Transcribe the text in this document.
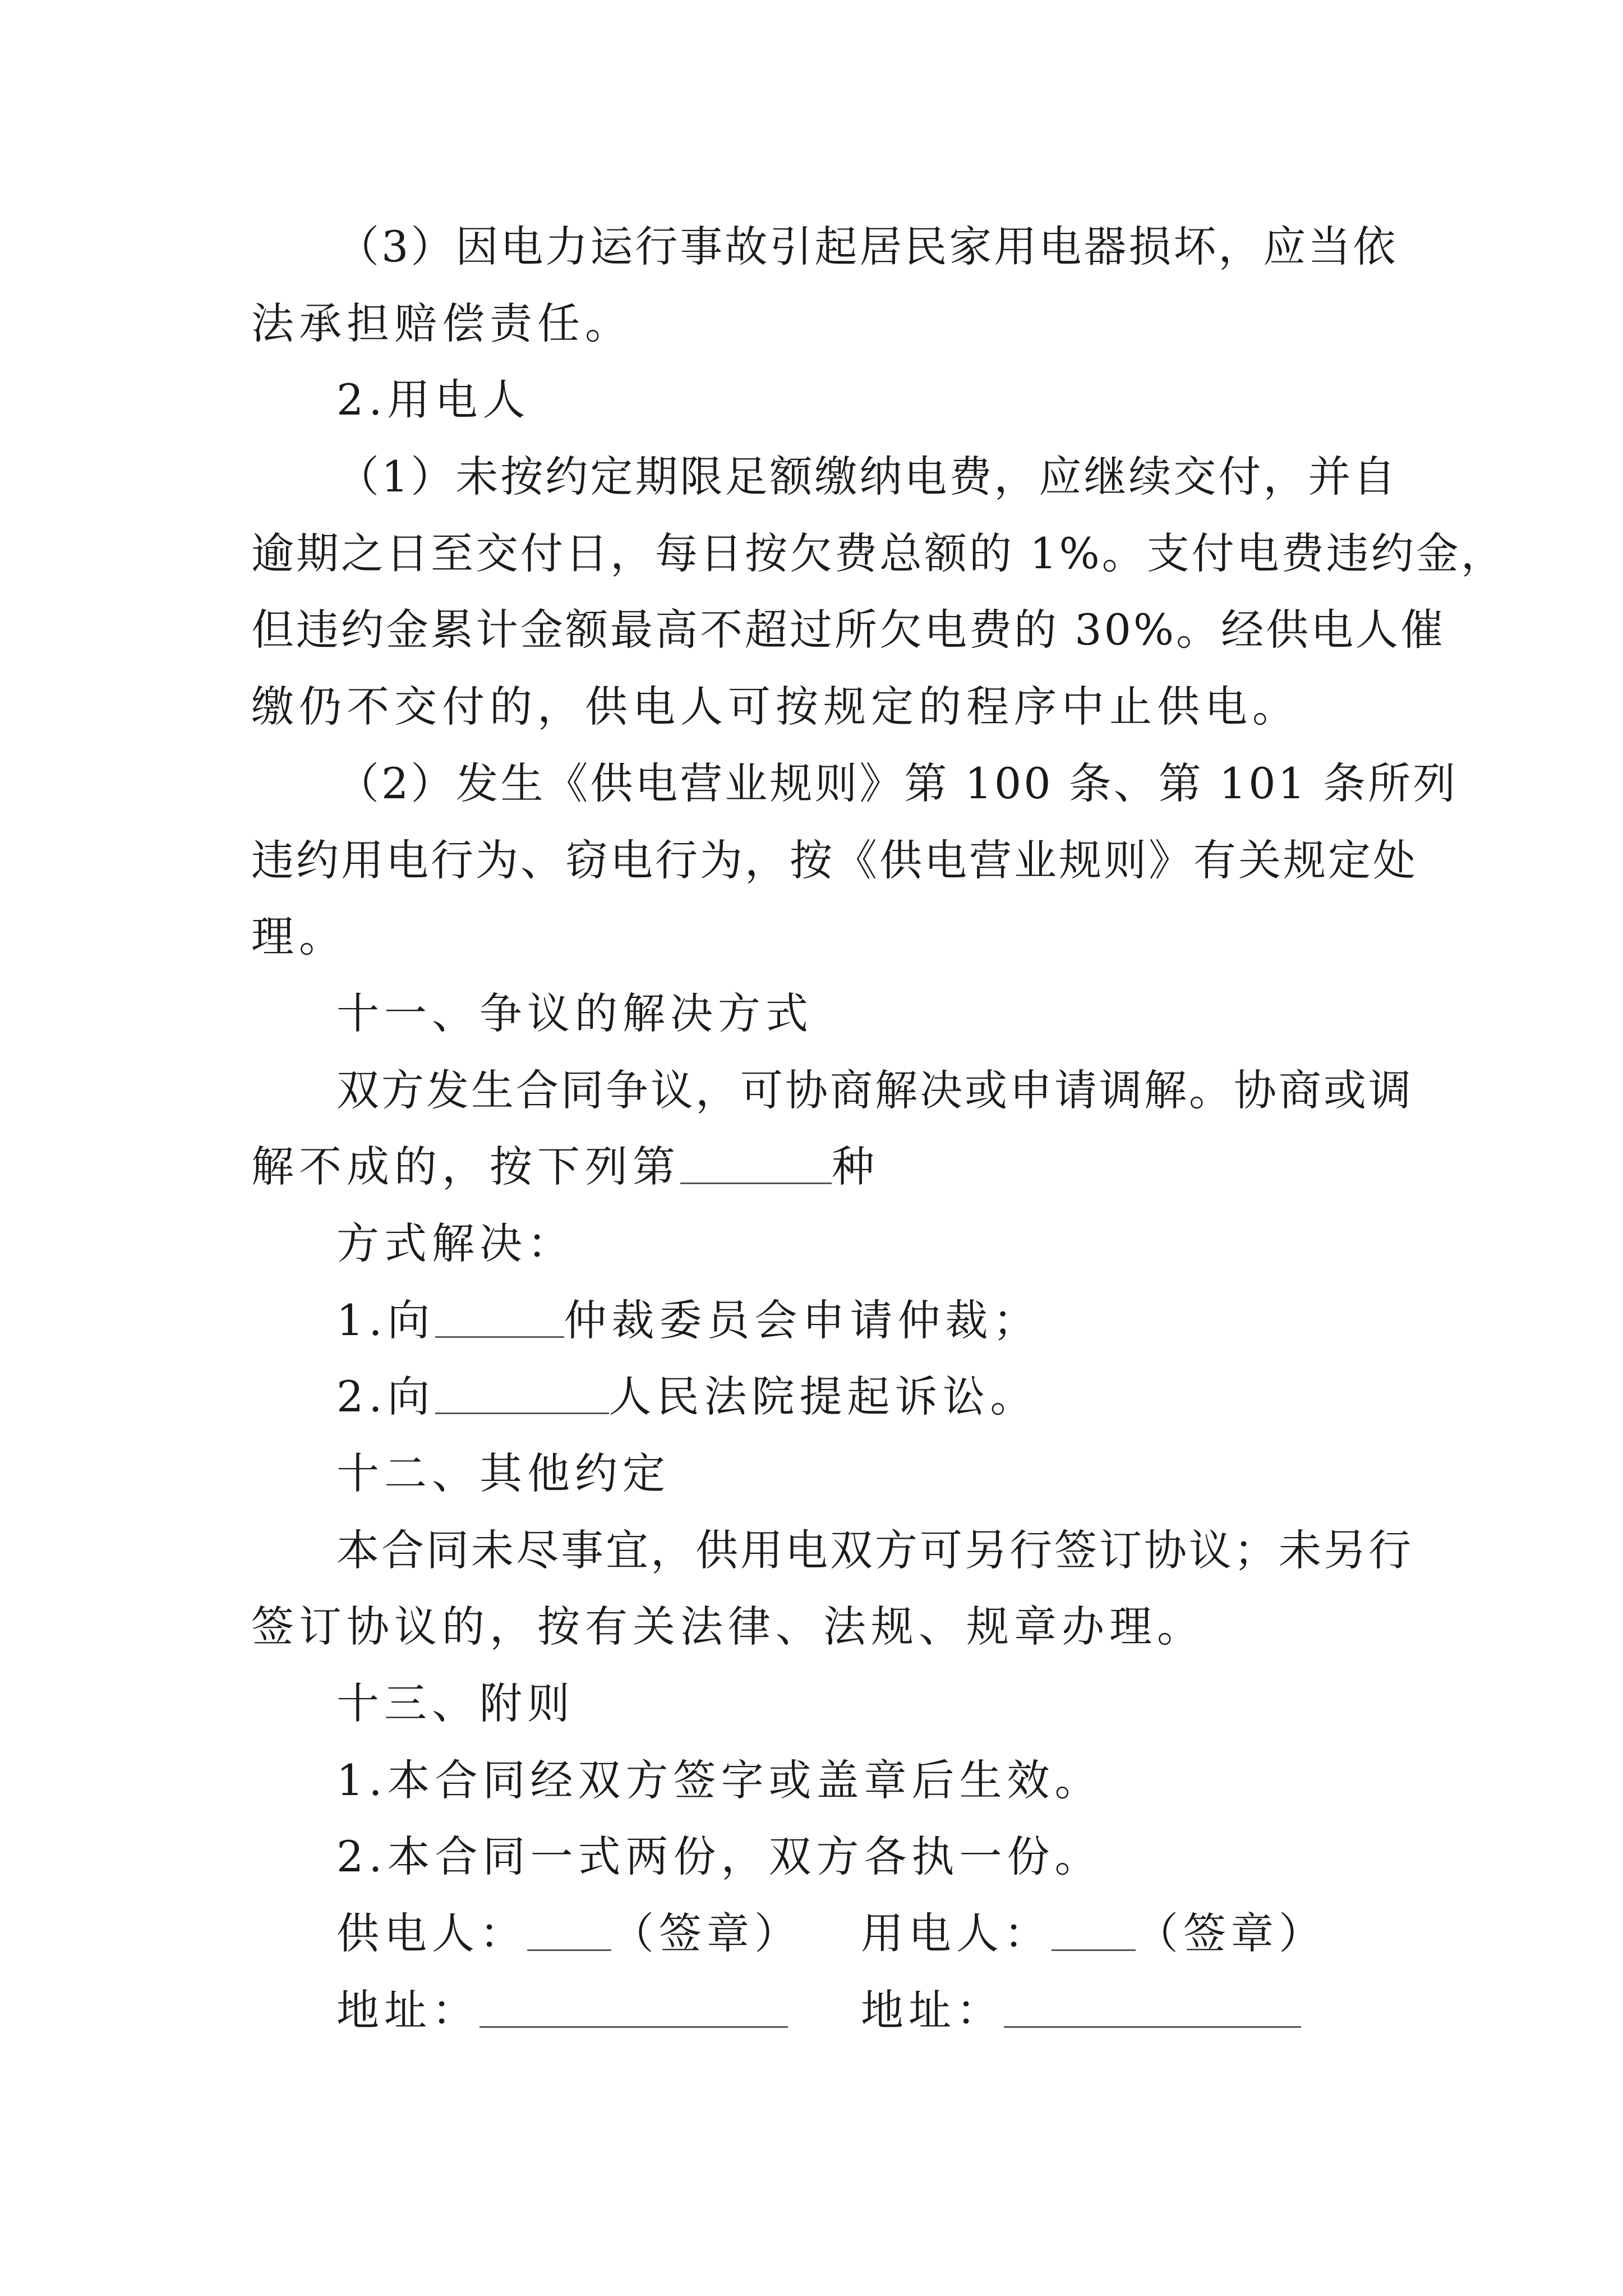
（3）因电力运行事故引起居民家用电器损坏，应当依
法承担赔偿责任。
2.用电人
（1）未按约定期限足额缴纳电费，应继续交付，并自
逾期之日至交付日，每日按欠费总额的 1%。支付电费违约金，
但违约金累计金额最高不超过所欠电费的 30%。经供电人催
缴仍不交付的，供电人可按规定的程序中止供电。
（2）发生《供电营业规则》第 100 条、第 101 条所列
违约用电行为、窃电行为，按《供电营业规则》有关规定处
理。
十一、争议的解决方式
双方发生合同争议，可协商解决或申请调解。协商或调
解不成的，按下列第	种
方式解决：
1.向	仲裁委员会申请仲裁；
2.向	人民法院提起诉讼。
十二、其他约定
本合同未尽事宜，供用电双方可另行签订协议；未另行
签订协议的，按有关法律、法规、规章办理。
十三、附则
1.本合同经双方签字或盖章后生效。
2.本合同一式两份，双方各执一份。
供电人： （签章） 用电人： （签章）
地址：	地址：
